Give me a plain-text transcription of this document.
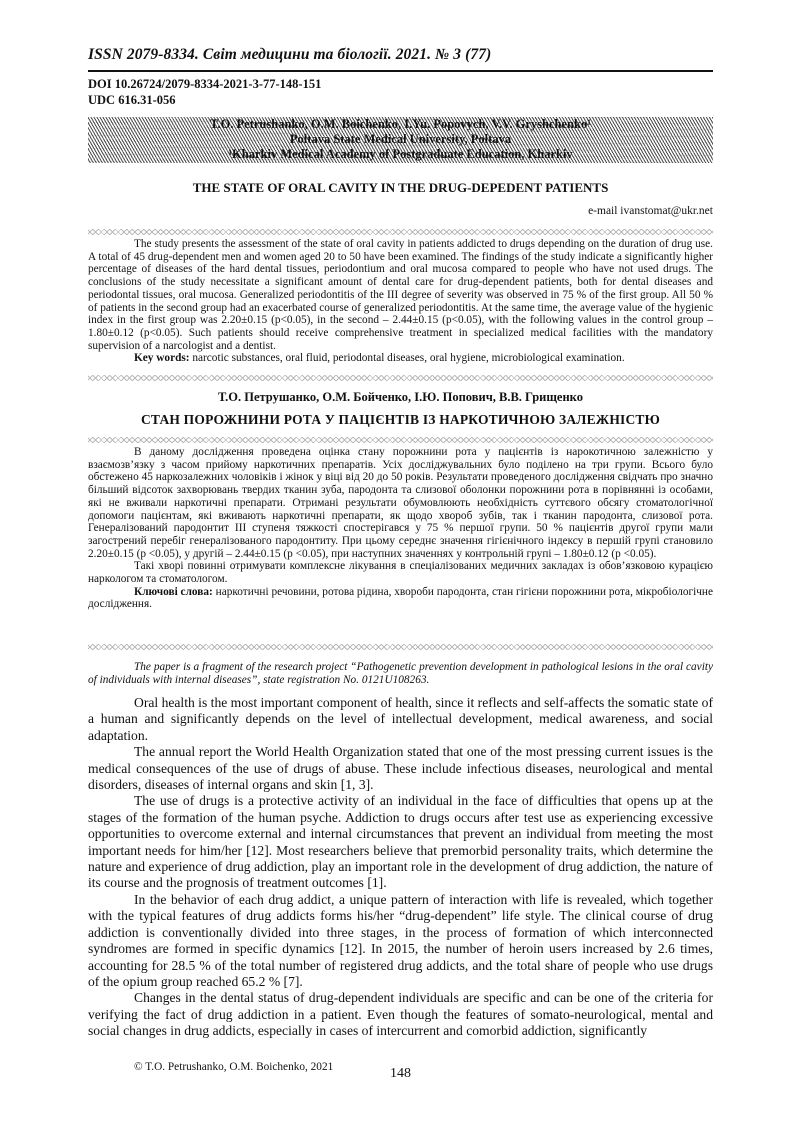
ISSN 2079-8334. Світ медицини та біології. 2021. № 3 (77)
DOI 10.26724/2079-8334-2021-3-77-148-151
UDC 616.31-056
T.O. Petrushanko, O.M. Boichenko, I.Yu. Popovych, V.V. Gryshchenko¹
Poltava State Medical University, Poltava
¹Kharkiv Medical Academy of Postgraduate Education, Kharkiv
THE STATE OF ORAL CAVITY IN THE DRUG-DEPEDENT PATIENTS
e-mail ivanstomat@ukr.net

The study presents the assessment of the state of oral cavity in patients addicted to drugs depending on the duration of drug use. A total of 45 drug-dependent men and women aged 20 to 50 have been examined. The findings of the study indicate a significantly higher percentage of diseases of the hard dental tissues, periodontium and oral mucosa compared to people who have not used drugs. The conclusions of the study necessitate a significant amount of dental care for drug-dependent patients, both for dental diseases and periodontal tissues, oral mucosa. Generalized periodontitis of the III degree of severity was observed in 75 % of the first group. All 50 % of patients in the second group had an exacerbated course of generalized periodontitis. At the same time, the average value of the hygienic index in the first group was 2.20±0.15 (p<0.05), in the second – 2.44±0.15 (p<0.05), with the following values in the control group – 1.80±0.12 (p<0.05). Such patients should receive comprehensive treatment in specialized medical facilities with the mandatory supervision of a narcologist and a dentist.

Key words: narcotic substances, oral fluid, periodontal diseases, oral hygiene, microbiological examination.

Т.О. Петрушанко, О.М. Бойченко, І.Ю. Попович, В.В. Грищенко
СТАН ПОРОЖНИНИ РОТА У ПАЦІЄНТІВ ІЗ НАРКОТИЧНОЮ ЗАЛЕЖНІСТЮ

В даному дослідження проведена оцінка стану порожнини рота у пацієнтів із нарокотичною залежністю у взаємозв’язку з часом прийому наркотичних препаратів. Усіх досліджувальних було поділено на три групи. Всього було обстежено 45 наркозалежних чоловіків і жінок у віці від 20 до 50 років. Результати проведеного дослідження свідчать про значно більший відсоток захворювань твердих тканин зуба, пародонта та слизової оболонки порожнини рота в порівнянні із особами, які не вживали наркотичні препарати. Отримані результати обумовлюють необхідність суттєвого обсягу стоматологічної допомоги пацієнтам, які вживають наркотичні препарати, як щодо хвороб зубів, так і тканин пародонта, слизової рота. Генералізований пародонтит ІІІ ступеня тяжкості спостерігався у 75 % першої групи. 50 % пацієнтів другої групи мали загострений перебіг генералізованого пародонтиту. При цьому середнє значення гігієнічного індексу в першій групі становило 2.20±0.15 (р <0.05), у другій – 2.44±0.15 (р <0.05), при наступних значеннях у контрольній групі – 1.80±0.12 (р <0.05).

Такі хворі повинні отримувати комплексне лікування в спеціалізованих медичних закладах із обов’язковою курацією наркологом та стоматологом.

Ключові слова: наркотичні речовини, ротова рідина, хвороби пародонта, стан гігієни порожнини рота, мікробіологічне дослідження.

The paper is a fragment of the research project “Pathogenetic prevention development in pathological lesions in the oral cavity of individuals with internal diseases”, state registration No. 0121U108263.

Oral health is the most important component of health, since it reflects and self-affects the somatic state of a human and significantly depends on the level of intellectual development, medical awareness, and social adaptation.

The annual report the World Health Organization stated that one of the most pressing current issues is the medical consequences of the use of drugs of abuse. These include infectious diseases, neurological and mental disorders, diseases of internal organs and skin [1, 3].

The use of drugs is a protective activity of an individual in the face of difficulties that opens up at the stages of the formation of the human psyche. Addiction to drugs occurs after test use as experiencing excessive opportunities to overcome external and internal circumstances that prevent an individual from meeting the most important needs for him/her [12]. Most researchers believe that premorbid personality traits, which determine the nature and experience of drug addiction, play an important role in the development of drug addiction, the nature of its course and the prognosis of treatment outcomes [1].

In the behavior of each drug addict, a unique pattern of interaction with life is revealed, which together with the typical features of drug addicts forms his/her “drug-dependent” life style. The clinical course of drug addiction is conventionally divided into three stages, in the process of formation of which interconnected syndromes are formed in specific dynamics [12]. In 2015, the number of heroin users increased by 2.6 times, accounting for 28.5 % of the total number of registered drug addicts, and the total share of people who use drugs of the opium group reached 65.2 % [7].

Changes in the dental status of drug-dependent individuals are specific and can be one of the criteria for verifying the fact of drug addiction in a patient. Even though the features of somato-neurological, mental and social changes in drug addicts, especially in cases of intercurrent and comorbid addiction, significantly

© T.O. Petrushanko, O.M. Boichenko, 2021	148
